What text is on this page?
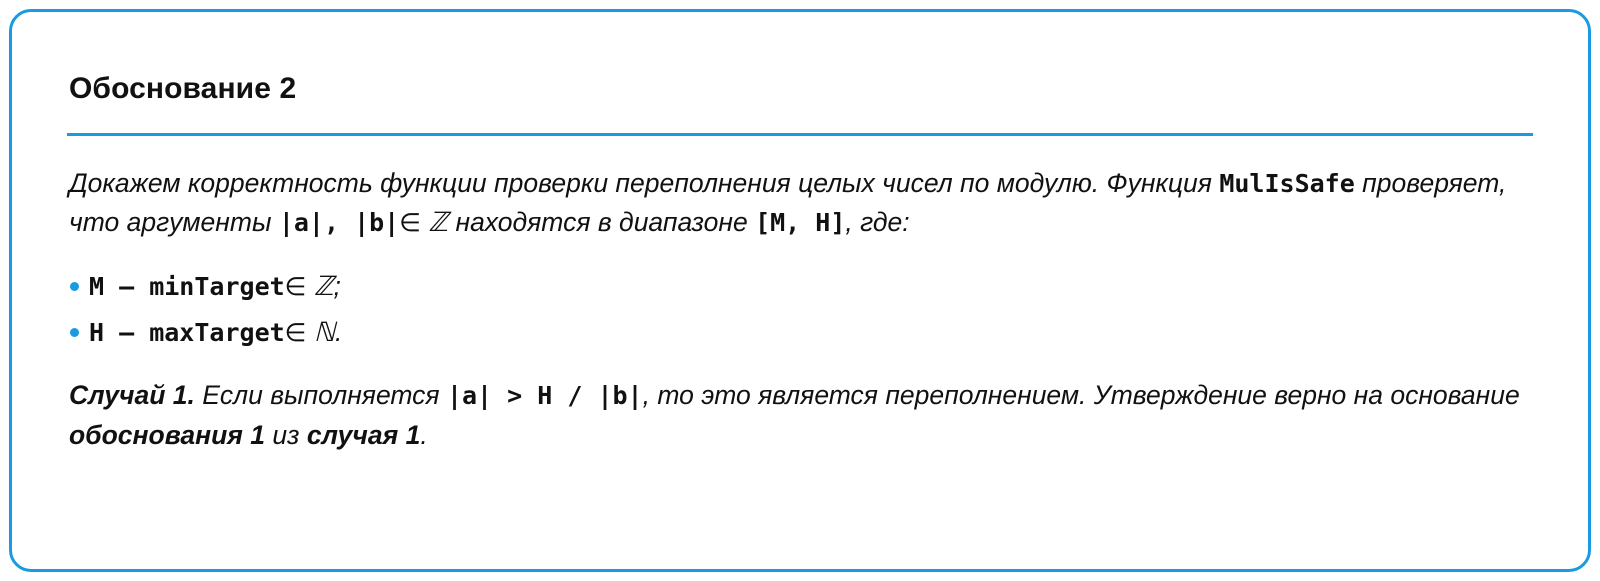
Обоснование 2

Докажем корректность функции проверки переполнения целых чисел по модулю. Функция MulIsSafe проверяет, что аргументы |a|, |b|∈ ℤ находятся в диапазоне [M, H], где:

M — minTarget∈ ℤ;
H — maxTarget∈ ℕ.

Случай 1. Если выполняется |a| > H / |b|, то это является переполнением. Утверждение верно на основание обоснования 1 из случая 1.
